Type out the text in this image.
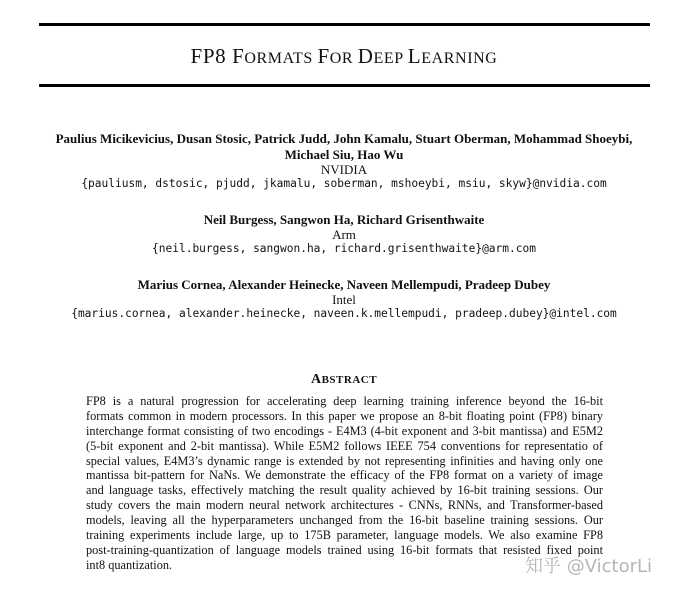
FP8 FORMATS FOR DEEP LEARNING
Paulius Micikevicius, Dusan Stosic, Patrick Judd, John Kamalu, Stuart Oberman, Mohammad Shoeybi,
Michael Siu, Hao Wu
NVIDIA
{pauliusm, dstosic, pjudd, jkamalu, soberman, mshoeybi, msiu, skyw}@nvidia.com
Neil Burgess, Sangwon Ha, Richard Grisenthwaite
Arm
{neil.burgess, sangwon.ha, richard.grisenthwaite}@arm.com
Marius Cornea, Alexander Heinecke, Naveen Mellempudi, Pradeep Dubey
Intel
{marius.cornea, alexander.heinecke, naveen.k.mellempudi, pradeep.dubey}@intel.com
ABSTRACT
FP8 is a natural progression for accelerating deep learning training inference beyond the 16-bit
formats common in modern processors. In this paper we propose an 8-bit floating point (FP8) binary
interchange format consisting of two encodings - E4M3 (4-bit exponent and 3-bit mantissa) and E5M2
(5-bit exponent and 2-bit mantissa). While E5M2 follows IEEE 754 conventions for representatio of
special values, E4M3’s dynamic range is extended by not representing infinities and having only one
mantissa bit-pattern for NaNs. We demonstrate the efficacy of the FP8 format on a variety of image
and language tasks, effectively matching the result quality achieved by 16-bit training sessions. Our
study covers the main modern neural network architectures - CNNs, RNNs, and Transformer-based
models, leaving all the hyperparameters unchanged from the 16-bit baseline training sessions. Our
training experiments include large, up to 175B parameter, language models. We also examine FP8
post-training-quantization of language models trained using 16-bit formats that resisted fixed point
int8 quantization.	知乎 @VictorLi
